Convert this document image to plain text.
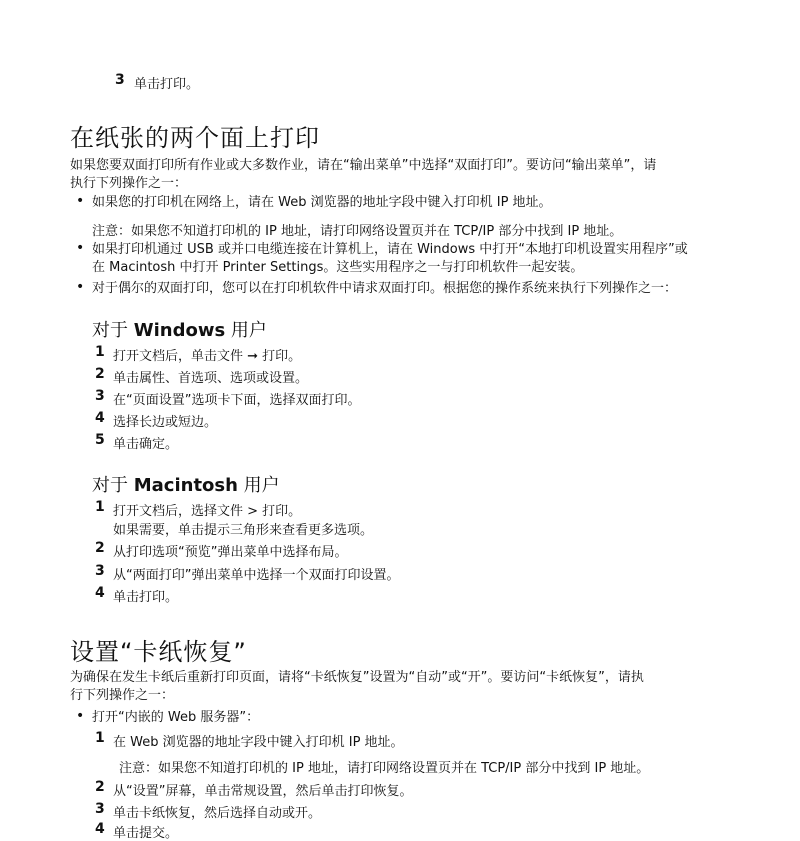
3 单击打印。
在纸张的两个面上打印
如果您要双面打印所有作业或大多数作业，请在“输出菜单”中选择“双面打印”。要访问“输出菜单”，请
执行下列操作之一：
• 如果您的打印机在网络上，请在 Web 浏览器的地址字段中键入打印机 IP 地址。
注意：如果您不知道打印机的 IP 地址，请打印网络设置页并在 TCP/IP 部分中找到 IP 地址。
• 如果打印机通过 USB 或并口电缆连接在计算机上，请在 Windows 中打开“本地打印机设置实用程序”或
在 Macintosh 中打开 Printer Settings。这些实用程序之一与打印机软件一起安装。
• 对于偶尔的双面打印，您可以在打印机软件中请求双面打印。根据您的操作系统来执行下列操作之一：
对于 Windows 用户
1 打开文档后，单击文件 ➞ 打印。
2 单击属性、首选项、选项或设置。
3 在“页面设置”选项卡下面，选择双面打印。
4 选择长边或短边。
5 单击确定。
对于 Macintosh 用户
1 打开文档后，选择文件 > 打印。
如果需要，单击提示三角形来查看更多选项。
2 从打印选项“预览”弹出菜单中选择布局。
3 从“两面打印”弹出菜单中选择一个双面打印设置。
4 单击打印。
设置“卡纸恢复”
为确保在发生卡纸后重新打印页面，请将“卡纸恢复”设置为“自动”或“开”。要访问“卡纸恢复”，请执
行下列操作之一：
• 打开“内嵌的 Web 服务器”：
1 在 Web 浏览器的地址字段中键入打印机 IP 地址。
注意：如果您不知道打印机的 IP 地址，请打印网络设置页并在 TCP/IP 部分中找到 IP 地址。
2 从“设置”屏幕，单击常规设置，然后单击打印恢复。
3 单击卡纸恢复，然后选择自动或开。
4 单击提交。
